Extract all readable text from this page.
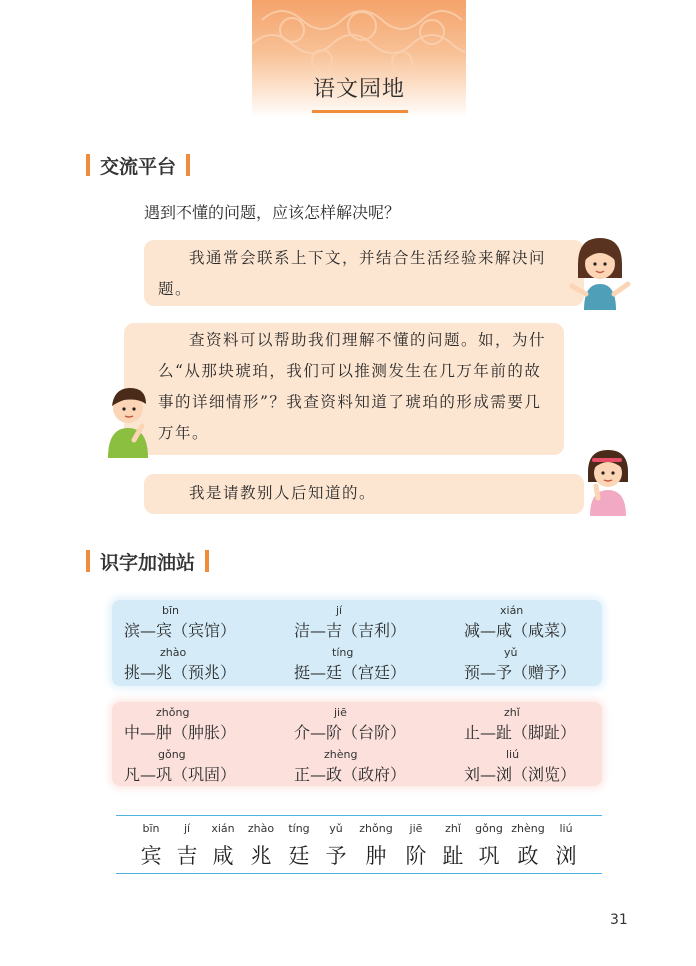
语文园地
交流平台
遇到不懂的问题，应该怎样解决呢？

我通常会联系上下文，并结合生活经验来解决问题。

查资料可以帮助我们理解不懂的问题。如，为什么“从那块琥珀，我们可以推测发生在几万年前的故事的详细情形”？我查资料知道了琥珀的形成需要几万年。

我是请教别人后知道的。

识字加油站
bīn
滨—宾（宾馆）
jí
洁—吉（吉利）
xián
减—咸（咸菜）
zhào
挑—兆（预兆）
tíng
挺—廷（宫廷）
yǔ
预—予（赠予）
zhǒng
中—肿（肿胀）
jiē
介—阶（台阶）
zhǐ
止—趾（脚趾）
gǒng
凡—巩（巩固）
zhèng
正—政（政府）
liú
刘—浏（浏览）
bīn
宾
jí
吉
xián
咸
zhào
兆
tíng
廷
yǔ
予
zhǒng
肿
jiē
阶
zhǐ
趾
gǒng
巩
zhèng
政
liú
浏
31
